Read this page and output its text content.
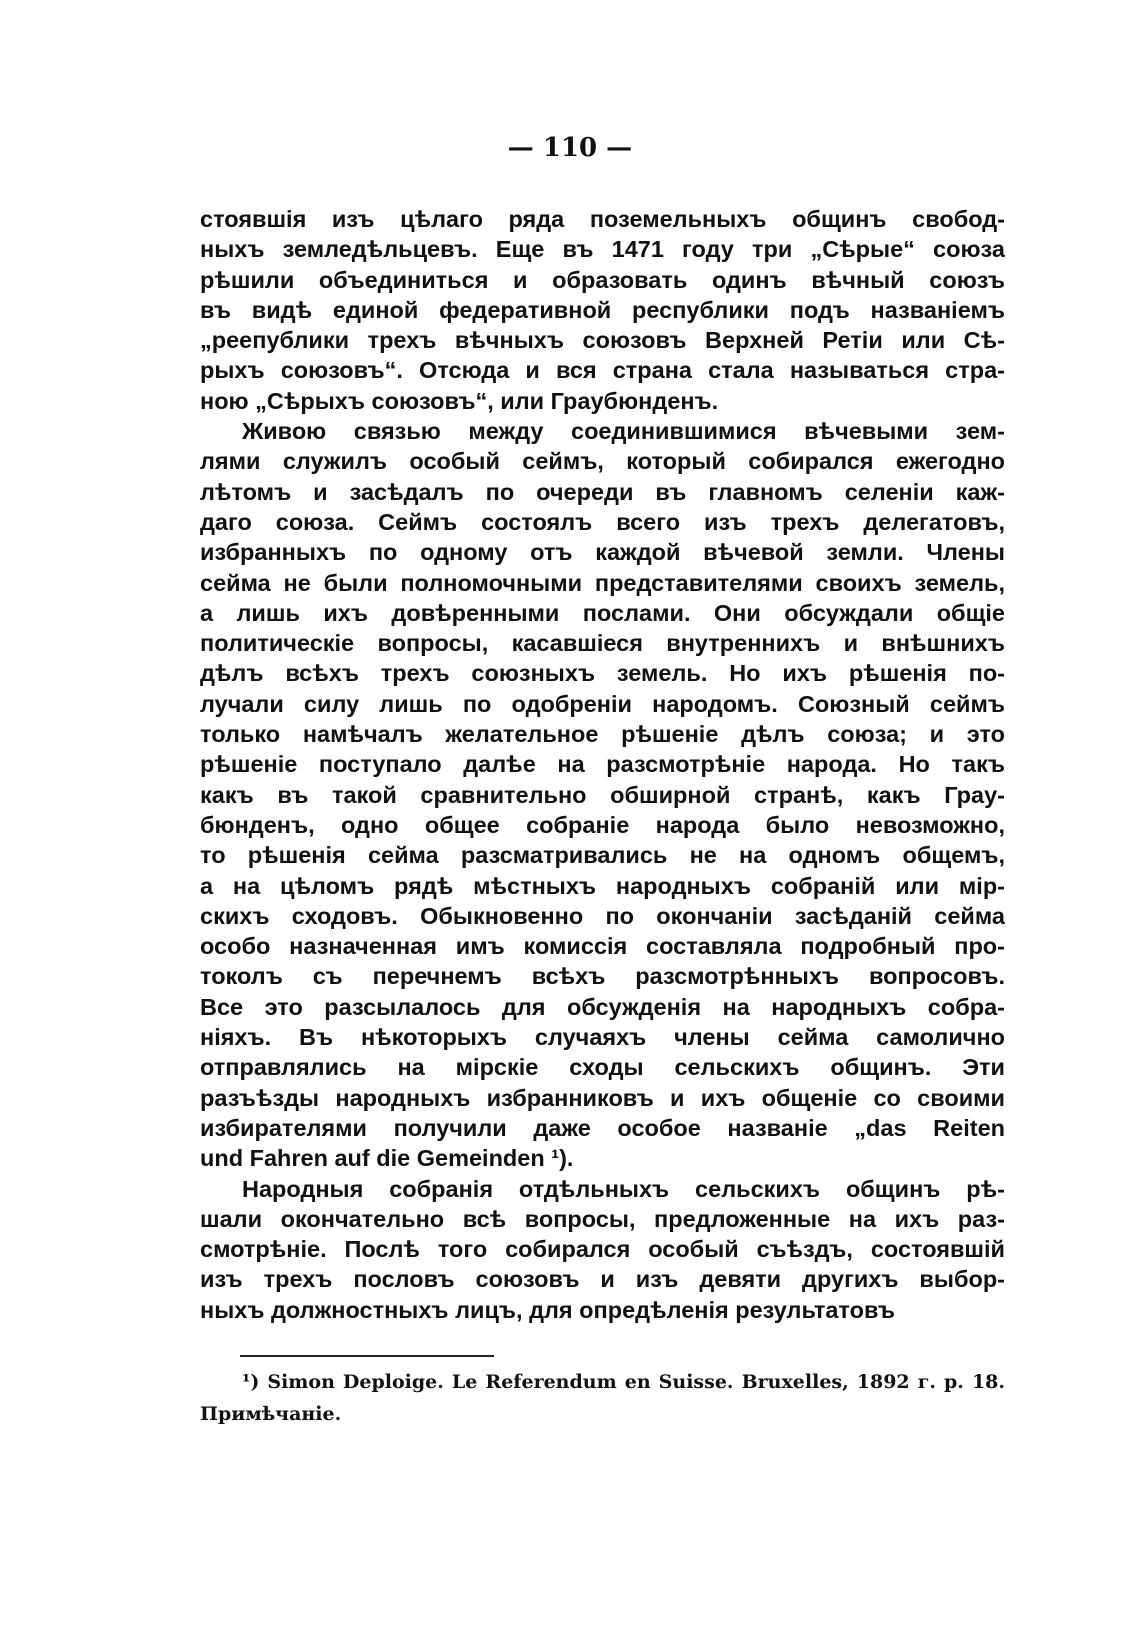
— 110 —
стоявшія изъ цѣлаго ряда поземельныхъ общинъ свобод-
ныхъ земледѣльцевъ. Еще въ 1471 году три „Сѣрые“ союза
рѣшили объединиться и образовать одинъ вѣчный союзъ
въ видѣ единой федеративной республики подъ названіемъ
„реепублики трехъ вѣчныхъ союзовъ Верхней Ретіи или Сѣ-
рыхъ союзовъ“. Отсюда и вся страна стала называться стра-
ною „Сѣрыхъ союзовъ“, или Граубюнденъ.
Живою связью между соединившимися вѣчевыми зем-
лями служилъ особый сеймъ, который собирался ежегодно
лѣтомъ и засѣдалъ по очереди въ главномъ селеніи каж-
даго союза. Сеймъ состоялъ всего изъ трехъ делегатовъ,
избранныхъ по одному отъ каждой вѣчевой земли. Члены
сейма не были полномочными представителями своихъ земель,
а лишь ихъ довѣренными послами. Они обсуждали общіе
политическіе вопросы, касавшіеся внутреннихъ и внѣшнихъ
дѣлъ всѣхъ трехъ союзныхъ земель. Но ихъ рѣшенія по-
лучали силу лишь по одобреніи народомъ. Союзный сеймъ
только намѣчалъ желательное рѣшеніе дѣлъ союза; и это
рѣшеніе поступало далѣе на разсмотрѣніе народа. Но такъ
какъ въ такой сравнительно обширной странѣ, какъ Грау-
бюнденъ, одно общее собраніе народа было невозможно,
то рѣшенія сейма разсматривались не на одномъ общемъ,
а на цѣломъ рядѣ мѣстныхъ народныхъ собраній или мір-
скихъ сходовъ. Обыкновенно по окончаніи засѣданій сейма
особо назначенная имъ комиссія составляла подробный про-
токолъ съ перечнемъ всѣхъ разсмотрѣнныхъ вопросовъ.
Все это разсылалось для обсужденія на народныхъ собра-
ніяхъ. Въ нѣкоторыхъ случаяхъ члены сейма самолично
отправлялись на мірскіе сходы сельскихъ общинъ. Эти
разъѣзды народныхъ избранниковъ и ихъ общеніе со своими
избирателями получили даже особое названіе „das Reiten
und Fahren auf die Gemeinden ¹).
Народныя собранія отдѣльныхъ сельскихъ общинъ рѣ-
шали окончательно всѣ вопросы, предложенные на ихъ раз-
смотрѣніе. Послѣ того собирался особый съѣздъ, состоявшій
изъ трехъ пословъ союзовъ и изъ девяти другихъ выбор-
ныхъ должностныхъ лицъ, для опредѣленія результатовъ
¹) Simon Deploige. Le Referendum en Suisse. Bruxelles, 1892 г. p. 18.
Примѣчаніе.
